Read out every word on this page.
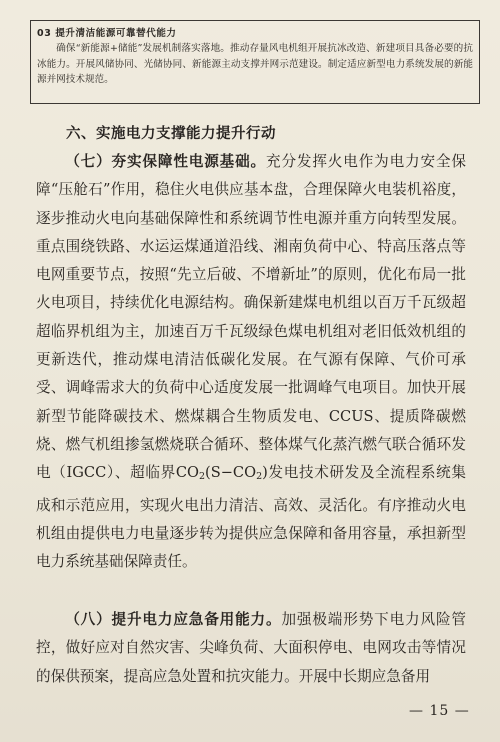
03 提升清洁能源可靠替代能力
确保“新能源+储能”发展机制落实落地。推动存量风电机组开展抗冰改造、新建项目具备必要的抗冰能力。开展风储协同、光储协同、新能源主动支撑并网示范建设。制定适应新型电力系统发展的新能源并网技术规范。
六、实施电力支撑能力提升行动
（七）夯实保障性电源基础。充分发挥火电作为电力安全保障“压舱石”作用，稳住火电供应基本盘，合理保障火电装机裕度，逐步推动火电向基础保障性和系统调节性电源并重方向转型发展。重点围绕铁路、水运运煤通道沿线、湘南负荷中心、特高压落点等电网重要节点，按照“先立后破、不增新址”的原则，优化布局一批火电项目，持续优化电源结构。确保新建煤电机组以百万千瓦级超超临界机组为主，加速百万千瓦级绿色煤电机组对老旧低效机组的更新迭代，推动煤电清洁低碳化发展。在气源有保障、气价可承受、调峰需求大的负荷中心适度发展一批调峰气电项目。加快开展新型节能降碳技术、燃煤耦合生物质发电、CCUS、提质降碳燃烧、燃气机组掺氢燃烧联合循环、整体煤气化蒸汽燃气联合循环发电（IGCC）、超临界$CO_2(S-CO_2)$发电技术研发及全流程系统集成和示范应用，实现火电出力清洁、高效、灵活化。有序推动火电机组由提供电力电量逐步转为提供应急保障和备用容量，承担新型电力系统基础保障责任。
（八）提升电力应急备用能力。加强极端形势下电力风险管控，做好应对自然灾害、尖峰负荷、大面积停电、电网攻击等情况的保供预案，提高应急处置和抗灾能力。开展中长期应急备用
— 15 —
